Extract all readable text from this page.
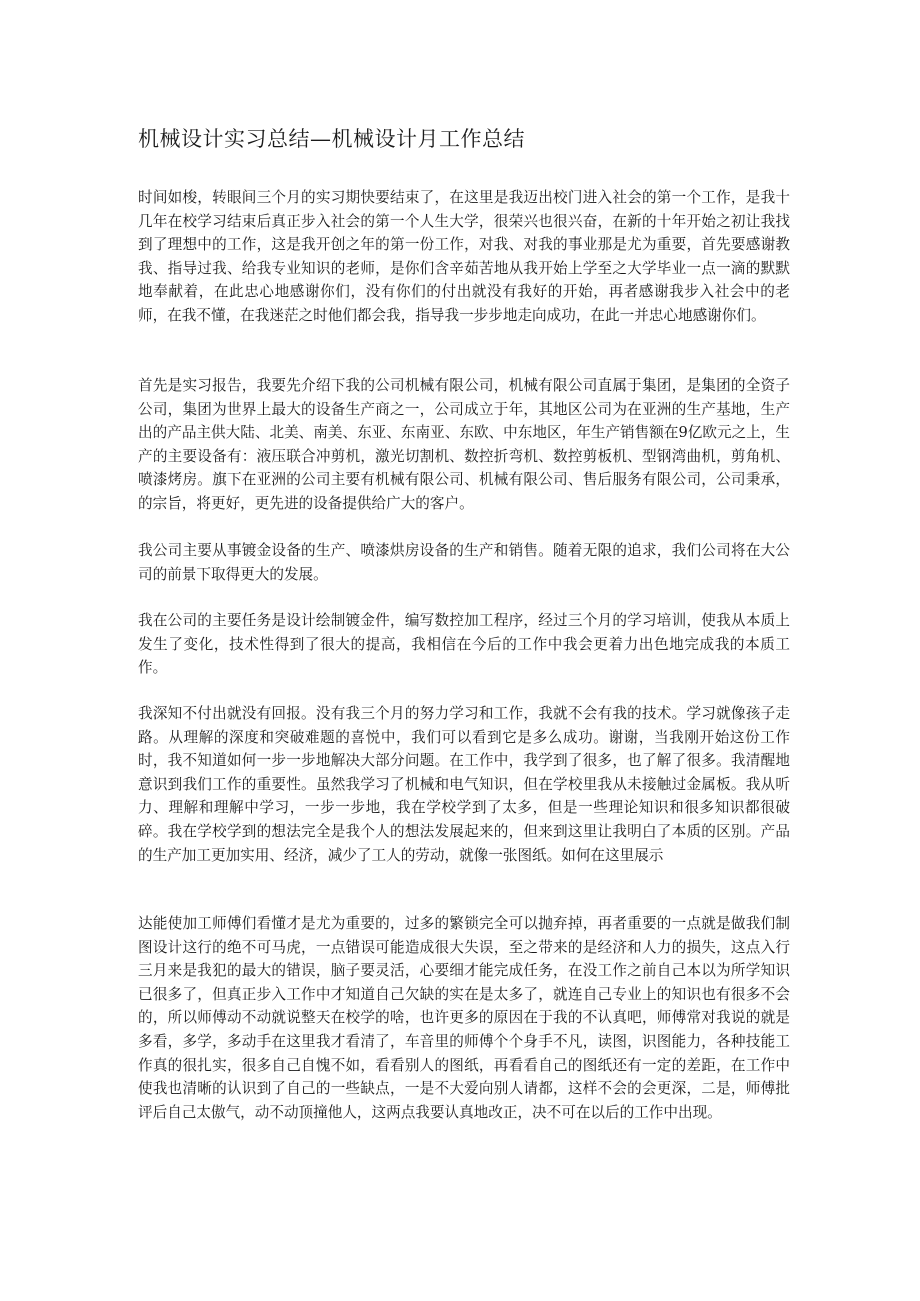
机械设计实习总结—机械设计月工作总结

时间如梭，转眼间三个月的实习期快要结束了，在这里是我迈出校门进入社会的第一个工作，是我十几年在校学习结束后真正步入社会的第一个人生大学，很荣兴也很兴奋，在新的十年开始之初让我找到了理想中的工作，这是我开创之年的第一份工作，对我、对我的事业那是尤为重要，首先要感谢教我、指导过我、给我专业知识的老师，是你们含辛茹苦地从我开始上学至之大学毕业一点一滴的默默地奉献着，在此忠心地感谢你们，没有你们的付出就没有我好的开始，再者感谢我步入社会中的老师，在我不懂，在我迷茫之时他们都会我，指导我一步步地走向成功，在此一并忠心地感谢你们。

首先是实习报告，我要先介绍下我的公司机械有限公司，机械有限公司直属于集团，是集团的全资子公司，集团为世界上最大的设备生产商之一，公司成立于年，其地区公司为在亚洲的生产基地，生产出的产品主供大陆、北美、南美、东亚、东南亚、东欧、中东地区，年生产销售额在9亿欧元之上，生产的主要设备有：液压联合冲剪机，激光切割机、数控折弯机、数控剪板机、型钢湾曲机，剪角机、喷漆烤房。旗下在亚洲的公司主要有机械有限公司、机械有限公司、售后服务有限公司，公司秉承，的宗旨，将更好，更先进的设备提供给广大的客户。

我公司主要从事镀金设备的生产、喷漆烘房设备的生产和销售。随着无限的追求，我们公司将在大公司的前景下取得更大的发展。

我在公司的主要任务是设计绘制镀金件，编写数控加工程序，经过三个月的学习培训，使我从本质上发生了变化，技术性得到了很大的提高，我相信在今后的工作中我会更着力出色地完成我的本质工作。

我深知不付出就没有回报。没有我三个月的努力学习和工作，我就不会有我的技术。学习就像孩子走路。从理解的深度和突破难题的喜悦中，我们可以看到它是多么成功。谢谢，当我刚开始这份工作时，我不知道如何一步一步地解决大部分问题。在工作中，我学到了很多，也了解了很多。我清醒地意识到我们工作的重要性。虽然我学习了机械和电气知识，但在学校里我从未接触过金属板。我从听力、理解和理解中学习，一步一步地，我在学校学到了太多，但是一些理论知识和很多知识都很破碎。我在学校学到的想法完全是我个人的想法发展起来的，但来到这里让我明白了本质的区别。产品的生产加工更加实用、经济，减少了工人的劳动，就像一张图纸。如何在这里展示

达能使加工师傅们看懂才是尤为重要的，过多的繁锁完全可以抛弃掉，再者重要的一点就是做我们制图设计这行的绝不可马虎，一点错误可能造成很大失误，至之带来的是经济和人力的损失，这点入行三月来是我犯的最大的错误，脑子要灵活，心要细才能完成任务，在没工作之前自己本以为所学知识已很多了，但真正步入工作中才知道自己欠缺的实在是太多了，就连自己专业上的知识也有很多不会的，所以师傅动不动就说整天在校学的啥，也许更多的原因在于我的不认真吧，师傅常对我说的就是多看，多学，多动手在这里我才看清了，车音里的师傅个个身手不凡，读图，识图能力，各种技能工作真的很扎实，很多自己自愧不如，看看别人的图纸，再看看自己的图纸还有一定的差距，在工作中使我也清晰的认识到了自己的一些缺点，一是不大爱向别人请都，这样不会的会更深，二是，师傅批评后自己太傲气，动不动顶撞他人，这两点我要认真地改正，决不可在以后的工作中出现。
